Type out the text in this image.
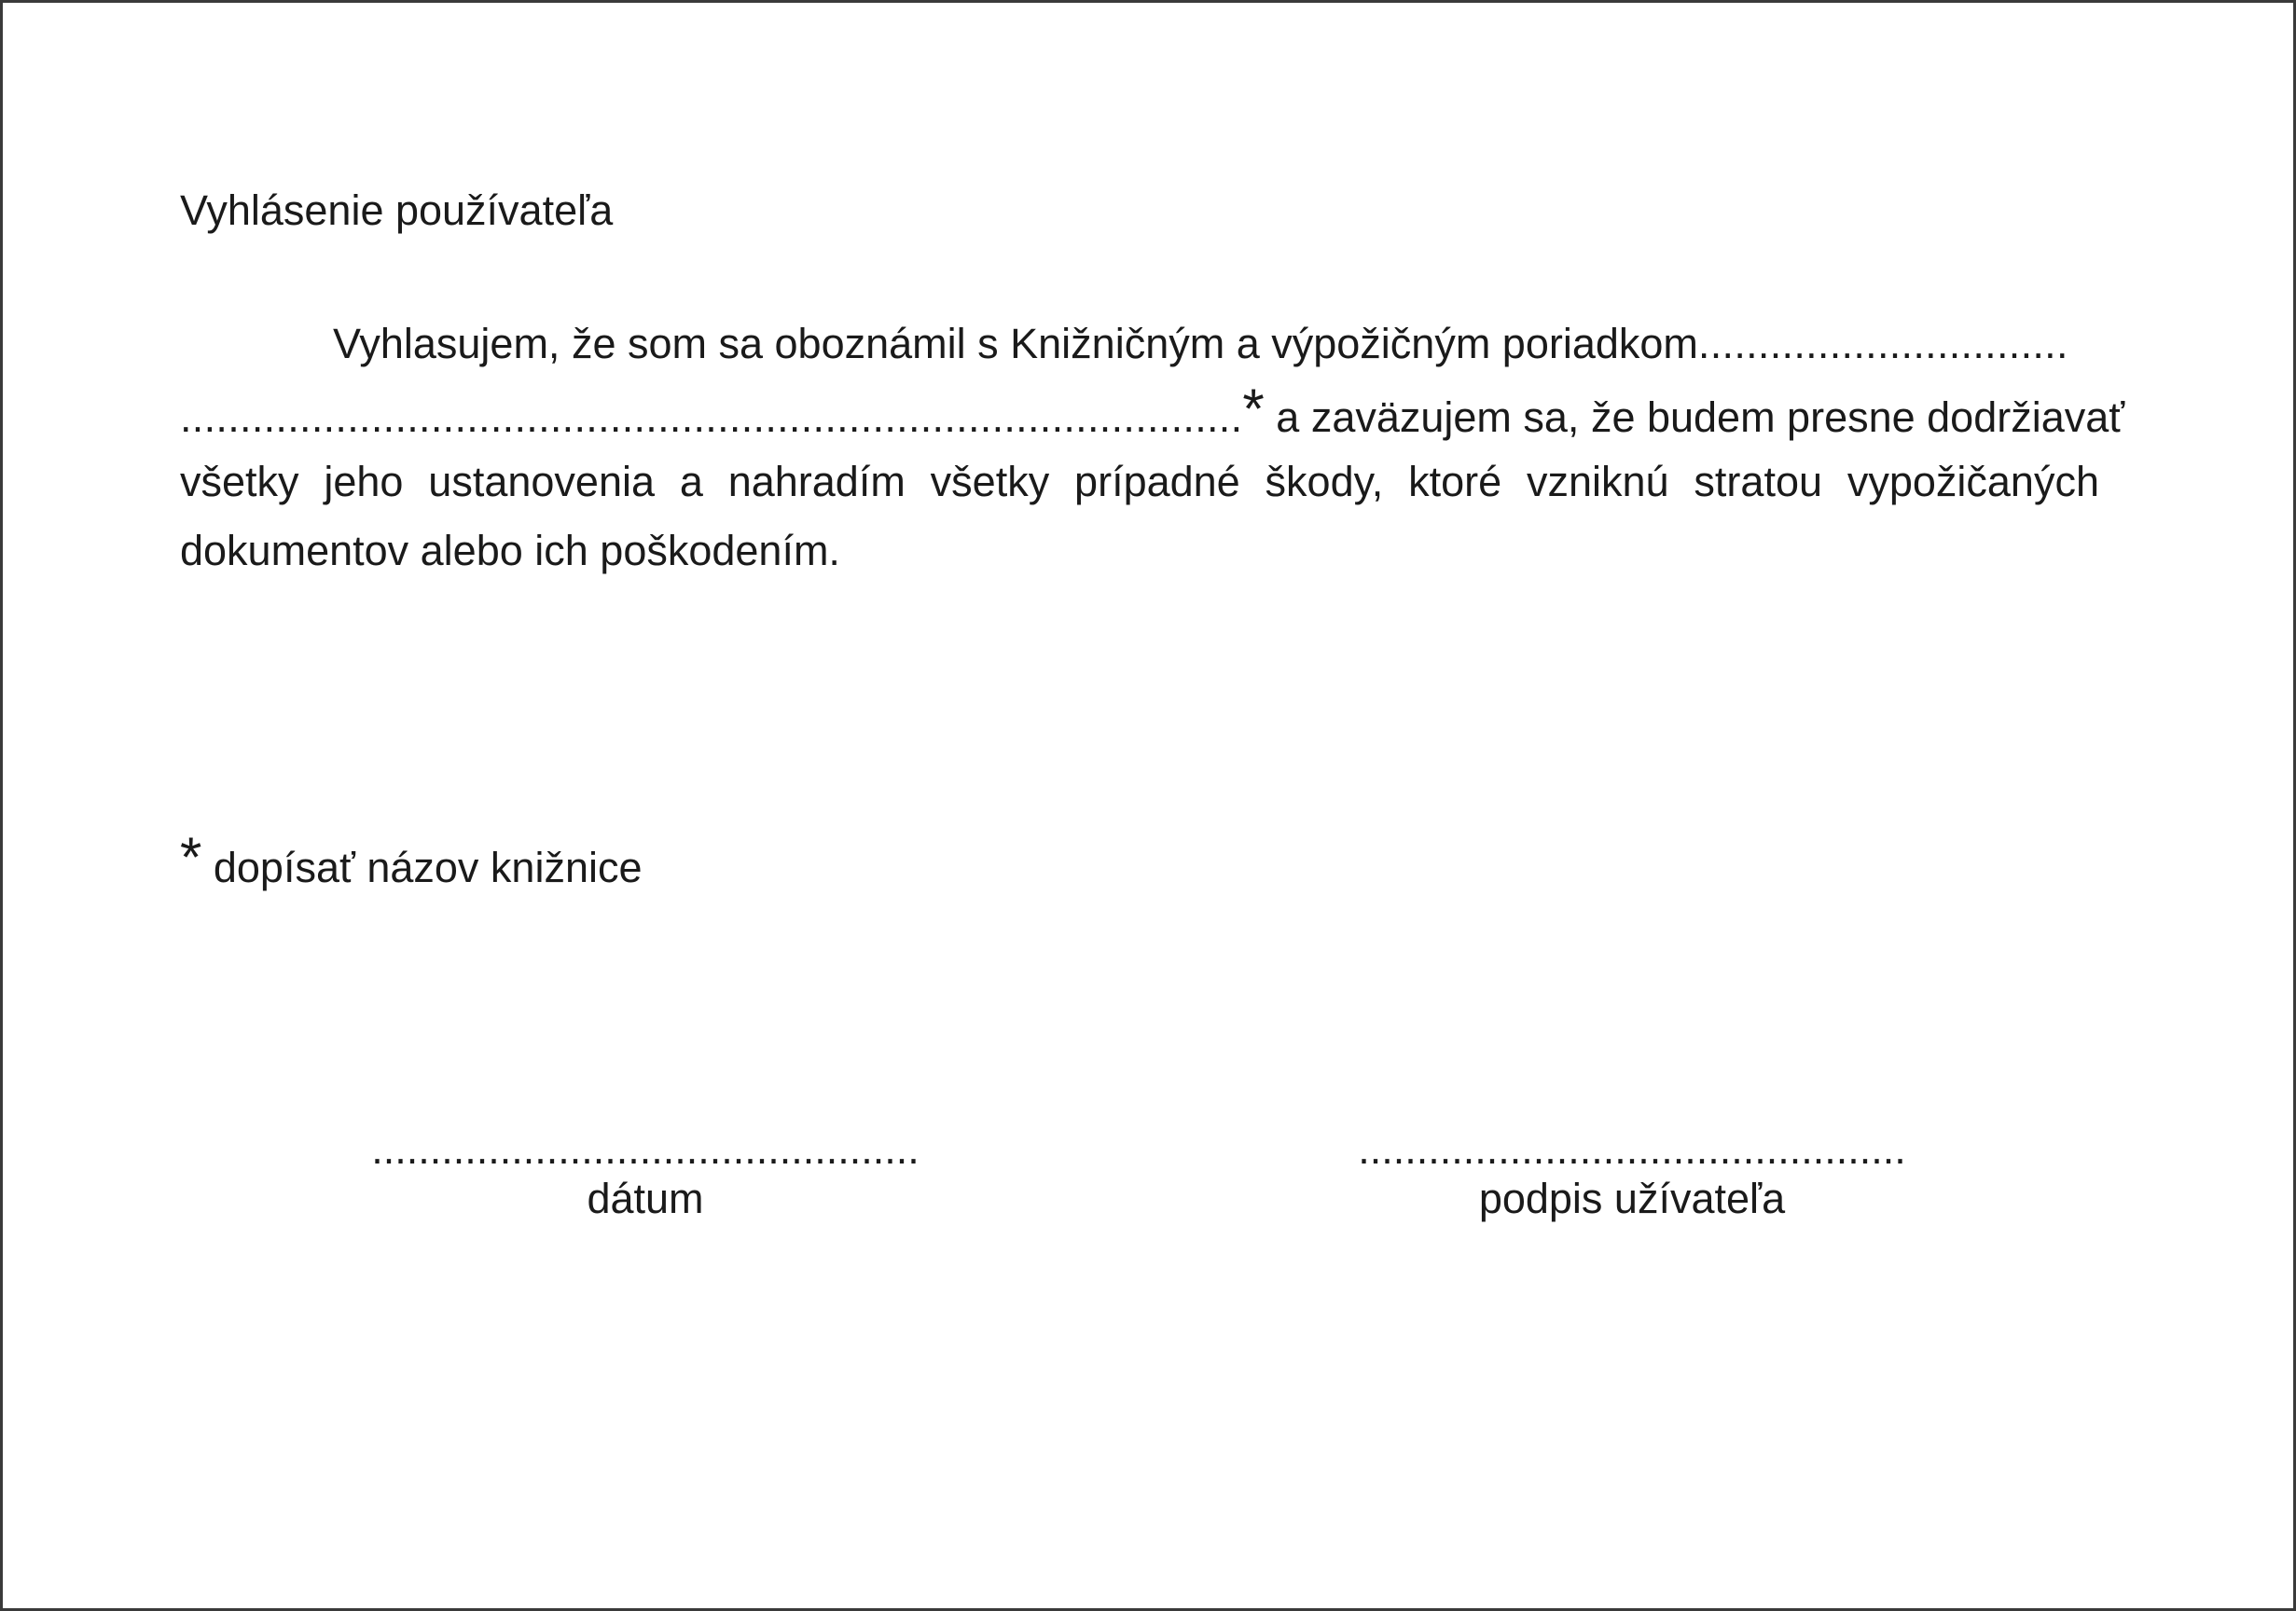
Vyhlásenie používateľa
Vyhlasujem, že som sa oboznámil s Knižničným a výpožičným poriadkom...............................
.........................................................................................* a zaväzujem sa, že budem presne dodržiavať
všetky jeho ustanovenia a nahradím všetky prípadné škody, ktoré vzniknú stratou vypožičaných
dokumentov alebo ich poškodením.
* dopísať názov knižnice
...............................................
dátum
...............................................
podpis užívateľa
